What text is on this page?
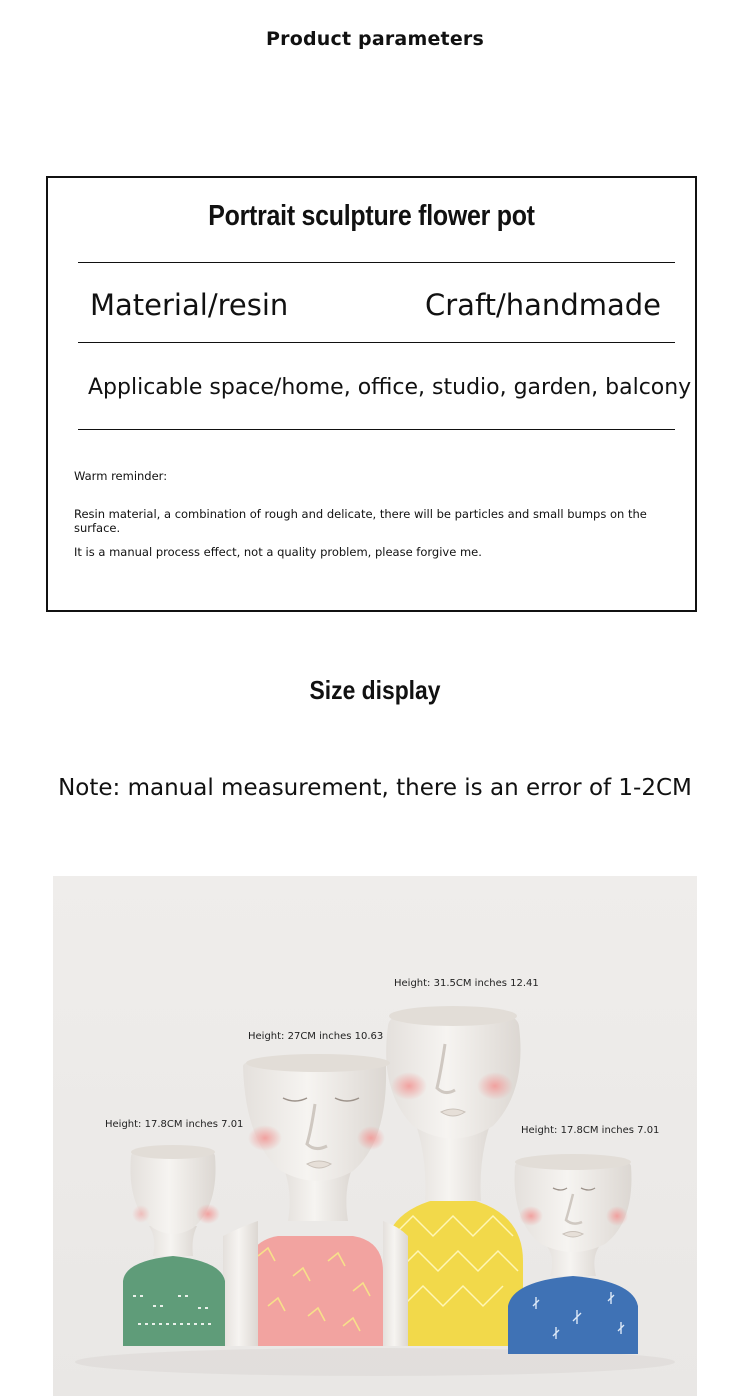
Product parameters
Portrait sculpture flower pot
Material/resin	Craft/handmade
Applicable space/home, office, studio, garden, balcony
Warm reminder:
Resin material, a combination of rough and delicate, there will be particles and small bumps on the surface.
It is a manual process effect, not a quality problem, please forgive me.
Size display
Note: manual measurement, there is an error of 1-2CM
Height: 17.8CM inches 7.01
Height: 27CM inches 10.63
Height: 31.5CM inches 12.41
Height: 17.8CM inches 7.01
